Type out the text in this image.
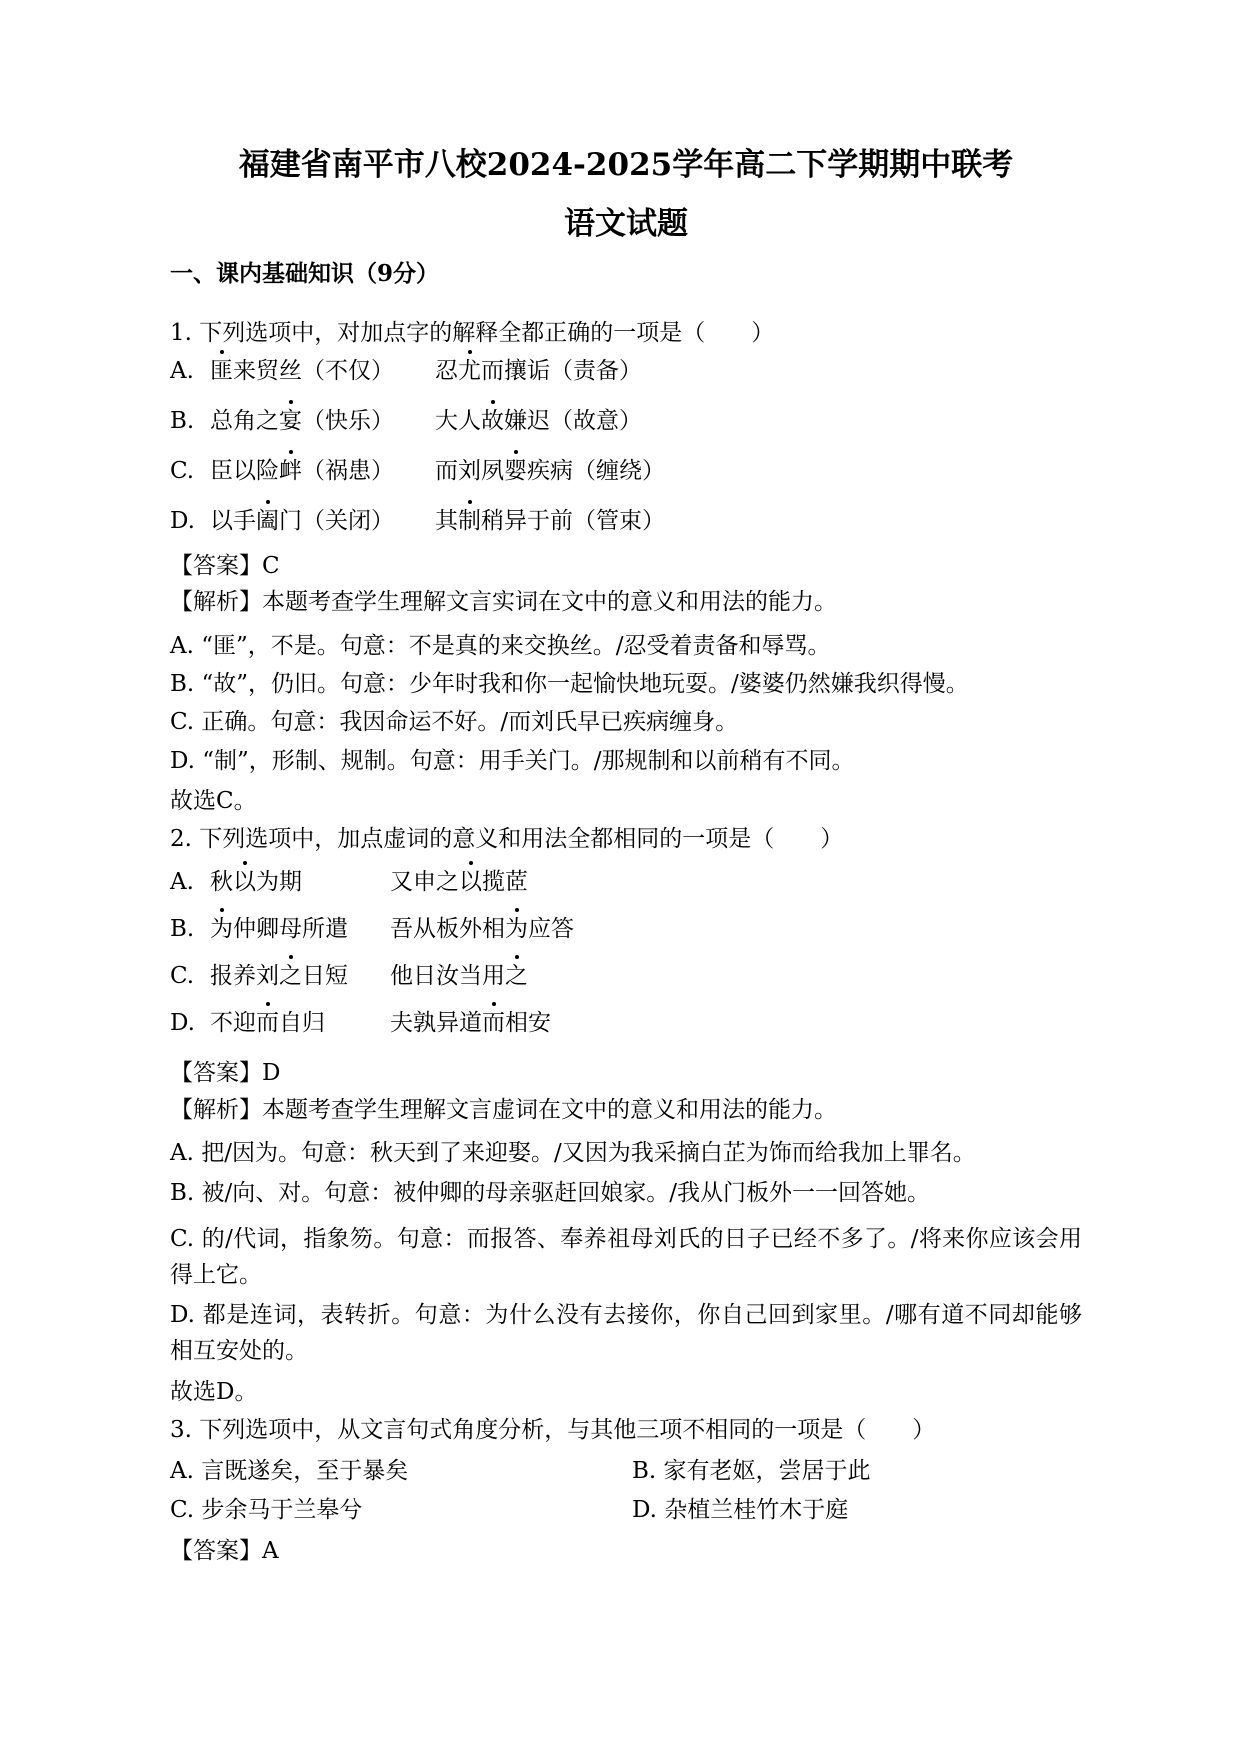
福建省南平市八校2024-2025学年高二下学期期中联考
语文试题
一、课内基础知识（9分）
1. 下列选项中，对加点字的解释全都正确的一项是（　　）
A. 匪来贸丝（不仅）	忍尤而攘诟（责备）
B. 总角之宴（快乐）	大人故嫌迟（故意）
C. 臣以险衅（祸患）	而刘夙婴疾病（缠绕）
D. 以手阖门（关闭）	其制稍异于前（管束）
【答案】C
【解析】本题考查学生理解文言实词在文中的意义和用法的能力。
A. “匪”，不是。句意：不是真的来交换丝。/忍受着责备和辱骂。
B. “故”，仍旧。句意：少年时我和你一起愉快地玩耍。/婆婆仍然嫌我织得慢。
C. 正确。句意：我因命运不好。/而刘氏早已疾病缠身。
D. “制”，形制、规制。句意：用手关门。/那规制和以前稍有不同。
故选C。
2. 下列选项中，加点虚词的意义和用法全都相同的一项是（　　）
A. 秋以为期	又申之以揽茝
B. 为仲卿母所遣	吾从板外相为应答
C. 报养刘之日短	他日汝当用之
D. 不迎而自归	夫孰异道而相安
【答案】D
【解析】本题考查学生理解文言虚词在文中的意义和用法的能力。
A. 把/因为。句意：秋天到了来迎娶。/又因为我采摘白芷为饰而给我加上罪名。
B. 被/向、对。句意：被仲卿的母亲驱赶回娘家。/我从门板外一一回答她。
C. 的/代词，指象笏。句意：而报答、奉养祖母刘氏的日子已经不多了。/将来你应该会用得上它。
D. 都是连词，表转折。句意：为什么没有去接你，你自己回到家里。/哪有道不同却能够相互安处的。
故选D。
3. 下列选项中，从文言句式角度分析，与其他三项不相同的一项是（　　）
A. 言既遂矣，至于暴矣	B. 家有老妪，尝居于此
C. 步余马于兰皋兮	D. 杂植兰桂竹木于庭
【答案】A
